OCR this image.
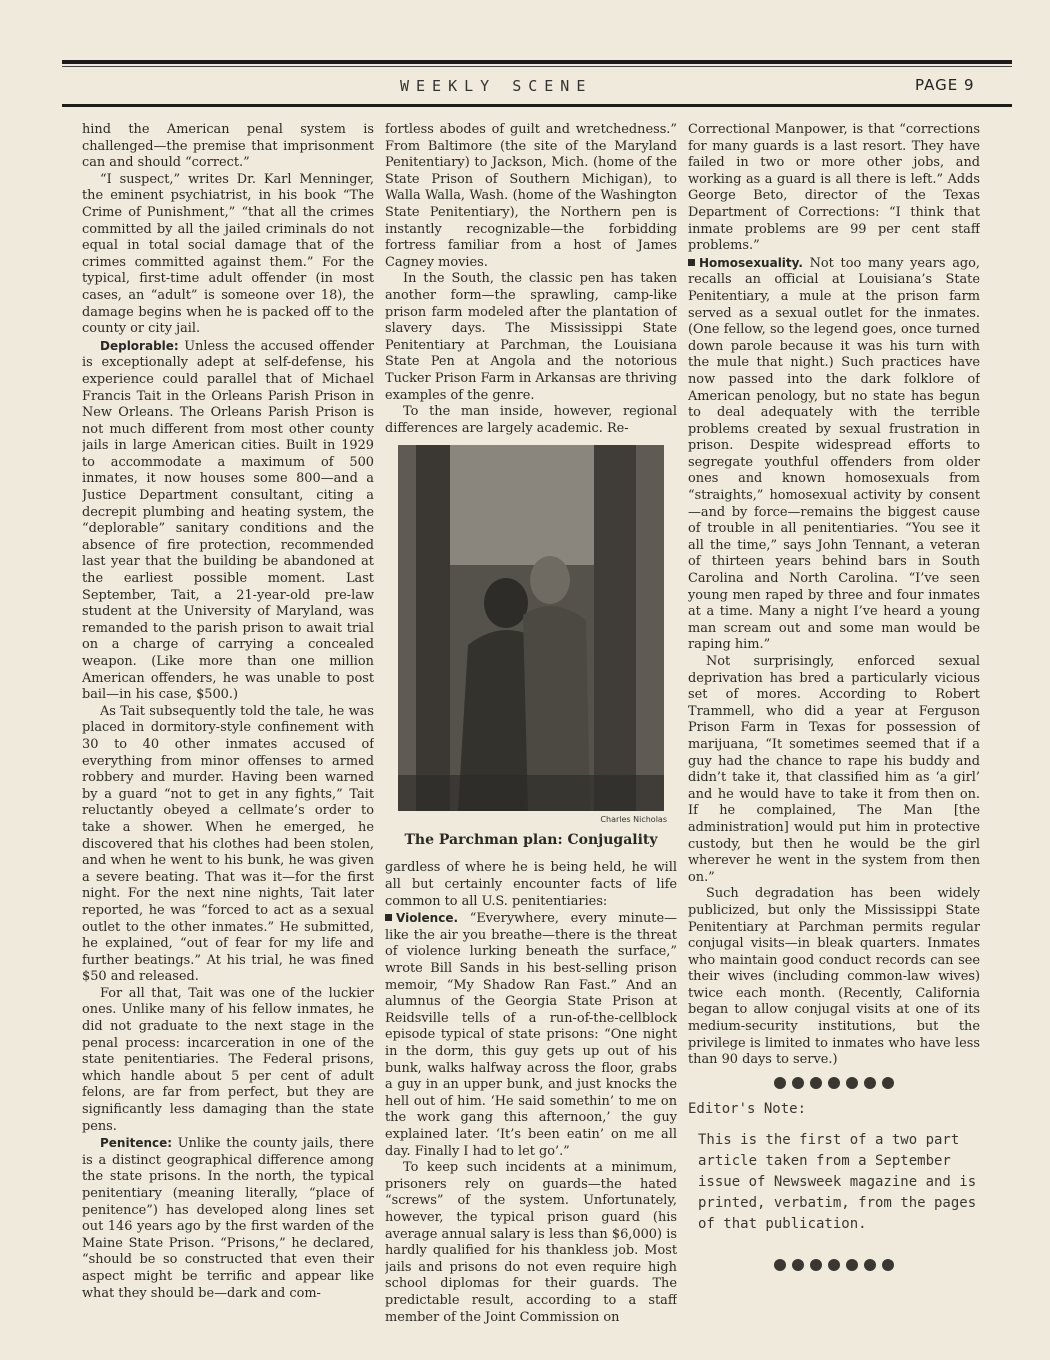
WEEKLY SCENE	PAGE 9

hind the American penal system is challenged—the premise that imprisonment can and should “correct.”

“I suspect,” writes Dr. Karl Menninger, the eminent psychiatrist, in his book “The Crime of Punishment,” “that all the crimes committed by all the jailed criminals do not equal in total social damage that of the crimes committed against them.” For the typical, first-time adult offender (in most cases, an “adult” is someone over 18), the damage begins when he is packed off to the county or city jail.

Deplorable: Unless the accused offender is exceptionally adept at self-defense, his experience could parallel that of Michael Francis Tait in the Orleans Parish Prison in New Orleans. The Orleans Parish Prison is not much different from most other county jails in large American cities. Built in 1929 to accommodate a maximum of 500 inmates, it now houses some 800—and a Justice Department consultant, citing a decrepit plumbing and heating system, the “deplorable” sanitary conditions and the absence of fire protection, recommended last year that the building be abandoned at the earliest possible moment. Last September, Tait, a 21-year-old pre-law student at the University of Maryland, was remanded to the parish prison to await trial on a charge of carrying a concealed weapon. (Like more than one million American offenders, he was unable to post bail—in his case, $500.)

As Tait subsequently told the tale, he was placed in dormitory-style confinement with 30 to 40 other inmates accused of everything from minor offenses to armed robbery and murder. Having been warned by a guard “not to get in any fights,” Tait reluctantly obeyed a cellmate’s order to take a shower. When he emerged, he discovered that his clothes had been stolen, and when he went to his bunk, he was given a severe beating. That was it—for the first night. For the next nine nights, Tait later reported, he was “forced to act as a sexual outlet to the other inmates.” He submitted, he explained, “out of fear for my life and further beatings.” At his trial, he was fined $50 and released.

For all that, Tait was one of the luckier ones. Unlike many of his fellow inmates, he did not graduate to the next stage in the penal process: incarceration in one of the state penitentiaries. The Federal prisons, which handle about 5 per cent of adult felons, are far from perfect, but they are significantly less damaging than the state pens.

Penitence: Unlike the county jails, there is a distinct geographical difference among the state prisons. In the north, the typical penitentiary (meaning literally, “place of penitence”) has developed along lines set out 146 years ago by the first warden of the Maine State Prison. “Prisons,” he declared, “should be so constructed that even their aspect might be terrific and appear like what they should be—dark and com-

fortless abodes of guilt and wretchedness.” From Baltimore (the site of the Maryland Penitentiary) to Jackson, Mich. (home of the State Prison of Southern Michigan), to Walla Walla, Wash. (home of the Washington State Penitentiary), the Northern pen is instantly recognizable—the forbidding fortress familiar from a host of James Cagney movies.

In the South, the classic pen has taken another form—the sprawling, camp-like prison farm modeled after the plantation of slavery days. The Mississippi State Penitentiary at Parchman, the Louisiana State Pen at Angola and the notorious Tucker Prison Farm in Arkansas are thriving examples of the genre.

To the man inside, however, regional differences are largely academic. Re-

Charles Nicholas
The Parchman plan: Conjugality

gardless of where he is being held, he will all but certainly encounter facts of life common to all U.S. penitentiaries:

Violence. “Everywhere, every minute—like the air you breathe—there is the threat of violence lurking beneath the surface,” wrote Bill Sands in his best-selling prison memoir, “My Shadow Ran Fast.” And an alumnus of the Georgia State Prison at Reidsville tells of a run-of-the-cellblock episode typical of state prisons: “One night in the dorm, this guy gets up out of his bunk, walks halfway across the floor, grabs a guy in an upper bunk, and just knocks the hell out of him. ‘He said somethin’ to me on the work gang this afternoon,’ the guy explained later. ‘It’s been eatin’ on me all day. Finally I had to let go’.”

To keep such incidents at a minimum, prisoners rely on guards—the hated “screws” of the system. Unfortunately, however, the typical prison guard (his average annual salary is less than $6,000) is hardly qualified for his thankless job. Most jails and prisons do not even require high school diplomas for their guards. The predictable result, according to a staff member of the Joint Commission on

Correctional Manpower, is that “corrections for many guards is a last resort. They have failed in two or more other jobs, and working as a guard is all there is left.” Adds George Beto, director of the Texas Department of Corrections: “I think that inmate problems are 99 per cent staff problems.”

Homosexuality. Not too many years ago, recalls an official at Louisiana’s State Penitentiary, a mule at the prison farm served as a sexual outlet for the inmates. (One fellow, so the legend goes, once turned down parole because it was his turn with the mule that night.) Such practices have now passed into the dark folklore of American penology, but no state has begun to deal adequately with the terrible problems created by sexual frustration in prison. Despite widespread efforts to segregate youthful offenders from older ones and known homosexuals from “straights,” homosexual activity by consent—and by force—remains the biggest cause of trouble in all penitentiaries. “You see it all the time,” says John Tennant, a veteran of thirteen years behind bars in South Carolina and North Carolina. “I’ve seen young men raped by three and four inmates at a time. Many a night I’ve heard a young man scream out and some man would be raping him.”

Not surprisingly, enforced sexual deprivation has bred a particularly vicious set of mores. According to Robert Trammell, who did a year at Ferguson Prison Farm in Texas for possession of marijuana, “It sometimes seemed that if a guy had the chance to rape his buddy and didn’t take it, that classified him as ‘a girl’ and he would have to take it from then on. If he complained, The Man [the administration] would put him in protective custody, but then he would be the girl wherever he went in the system from then on.”

Such degradation has been widely publicized, but only the Mississippi State Penitentiary at Parchman permits regular conjugal visits—in bleak quarters. Inmates who maintain good conduct records can see their wives (including common-law wives) twice each month. (Recently, California began to allow conjugal visits at one of its medium-security institutions, but the privilege is limited to inmates who have less than 90 days to serve.)

Editor's Note:
This is the first of a two part article taken from a September issue of Newsweek magazine and is printed, verbatim, from the pages of that publication.
